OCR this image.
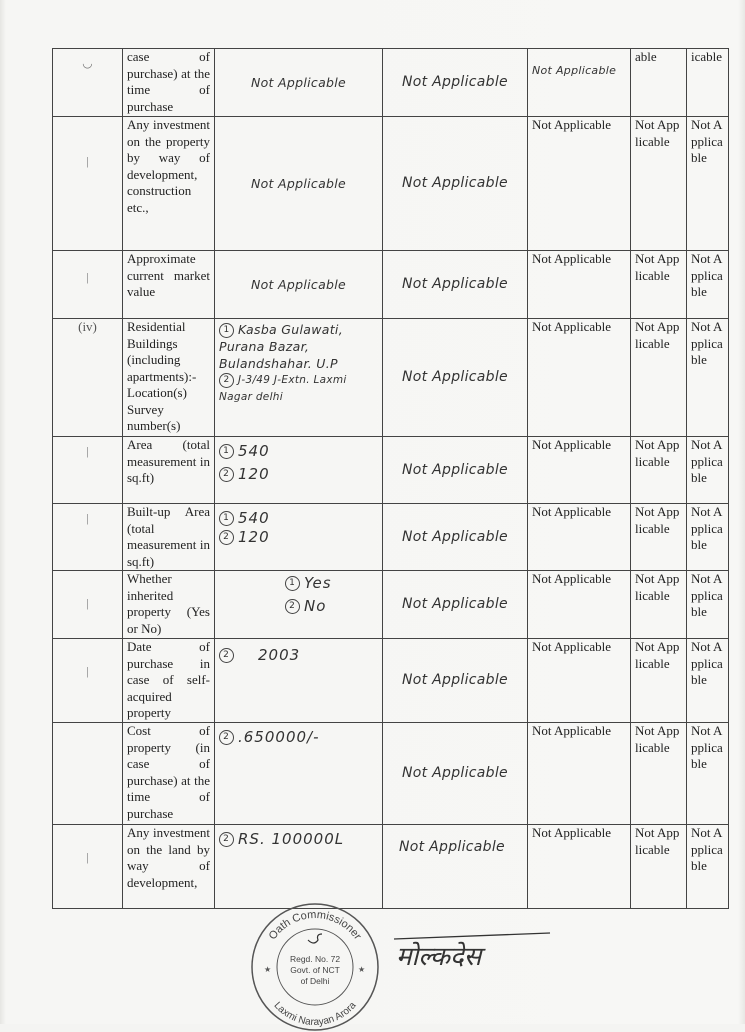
◡	case of purchase) at the time of purchase	Not Applicable	Not Applicable	Not Applicable	able	icable

|	Any investment on the property by way of development, construction etc.,	Not Applicable	Not Applicable	Not Applicable	Not Applicable	Not Applicable

|	Approximate current market value	Not Applicable	Not Applicable	Not Applicable	Not Applicable	Not Applicable
(iv)	Residential Buildings (including apartments):- Location(s) Survey number(s)	1 Kasba Gulawati,
Purana Bazar,
Bulandshahar. U.P
2 J-3/49 J-Extn. Laxmi
Nagar delhi	Not Applicable	Not Applicable	Not Applicable	Not Applicable

|	Area (total measurement in sq.ft)	1 540
2 120	Not Applicable	Not Applicable	Not Applicable	Not Applicable

|	Built-up Area (total measurement in sq.ft)	1 540
2 120	Not Applicable	Not Applicable	Not Applicable	Not Applicable

|	Whether inherited property (Yes or No)	1 Yes
2 No	Not Applicable	Not Applicable	Not Applicable	Not Applicable

|	Date of purchase in case of self-acquired property	2 2003	Not Applicable	Not Applicable	Not Applicable	Not Applicable
	Cost of property (in case of purchase) at the time of purchase	2 .650000/-	Not Applicable	Not Applicable	Not Applicable	Not Applicable

|	Any investment on the land by way of development,	2 RS. 100000L	Not Applicable	Not Applicable	Not Applicable	Not Applicable
Oath Commissioner
Laxmi Narayan Arora
★	★
Regd. No. 72
Govt. of NCT
of Delhi
मोल्कदेस
